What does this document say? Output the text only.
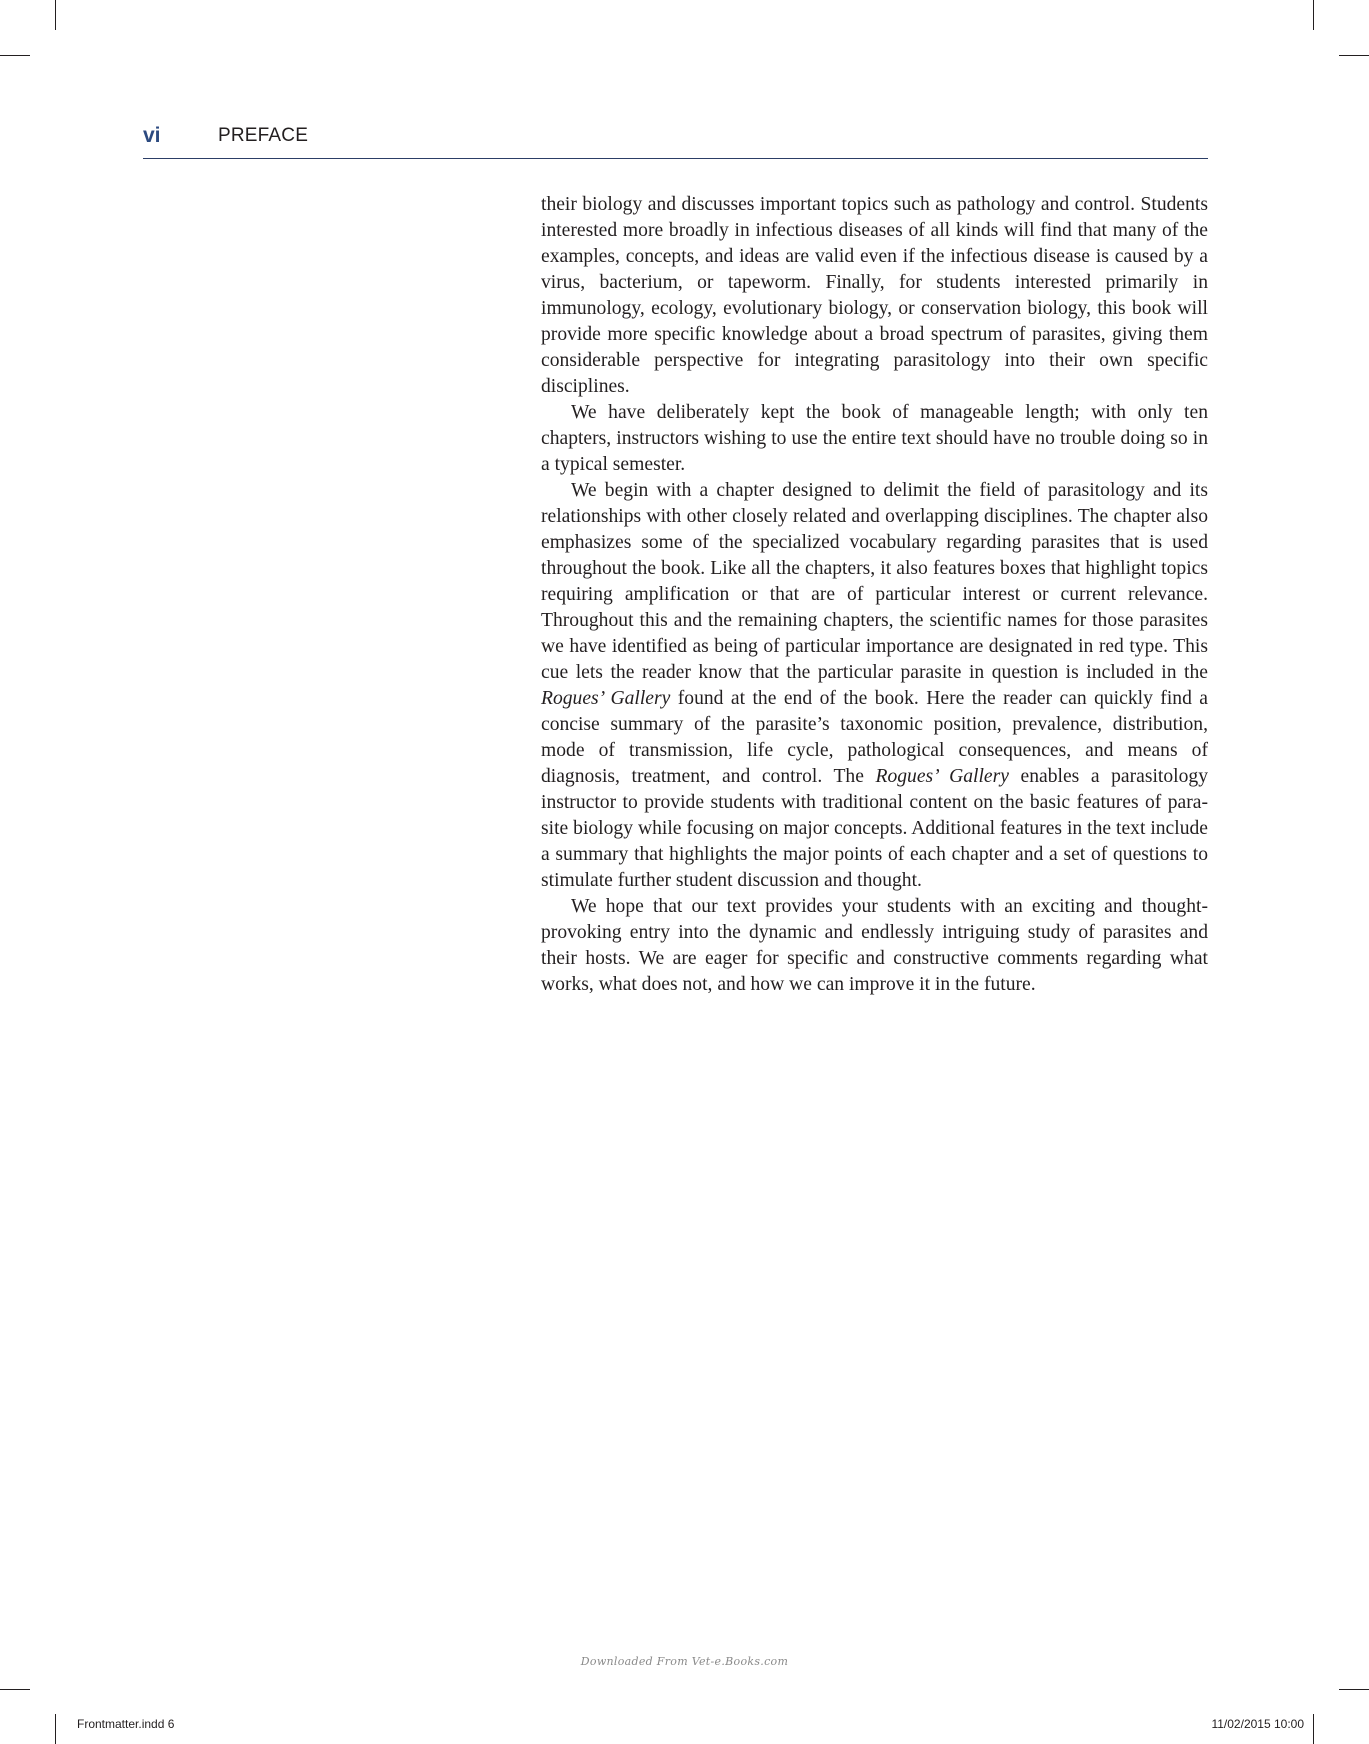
vi	PREFACE

their biology and discusses important topics such as pathology and control. Students interested more broadly in infectious diseases of all kinds will find that many of the examples, concepts, and ideas are valid even if the infectious disease is caused by a virus, bacterium, or tapeworm. Finally, for students interested primarily in immunology, ecology, evolutionary biology, or conservation biology, this book will provide more specific knowledge about a broad spectrum of parasites, giving them considerable perspective for integrating parasitology into their own specific disciplines.

We have deliberately kept the book of manageable length; with only ten chapters, instructors wishing to use the entire text should have no trouble doing so in a typical semester.

We begin with a chapter designed to delimit the field of parasitology and its relationships with other closely related and overlapping disciplines. The chapter also emphasizes some of the specialized vocabulary regarding parasites that is used throughout the book. Like all the chapters, it also features boxes that highlight topics requiring amplification or that are of particular interest or current relevance. Throughout this and the remaining chapters, the scientific names for those parasites we have identified as being of particular importance are designated in red type. This cue lets the reader know that the particular parasite in question is included in the Rogues’ Gallery found at the end of the book. Here the reader can quickly find a concise summary of the parasite’s taxonomic position, prevalence, distribution, mode of transmission, life cycle, pathological consequences, and means of diagnosis, treatment, and control. The Rogues’ Gallery enables a parasitology instructor to provide students with traditional content on the basic features of parasite biology while focusing on major concepts. Additional features in the text include a summary that highlights the major points of each chapter and a set of questions to stimulate further student discussion and thought.

We hope that our text provides your students with an exciting and thought-provoking entry into the dynamic and endlessly intriguing study of parasites and their hosts. We are eager for specific and constructive comments regarding what works, what does not, and how we can improve it in the future.

Downloaded From Vet-e.Books.com
Frontmatter.indd 6	11/02/2015 10:00
